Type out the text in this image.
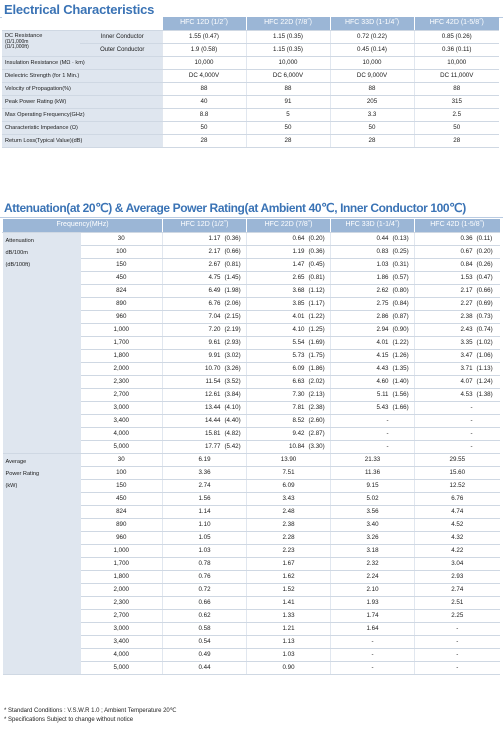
Electrical Characteristics
		HFC 12D (1/2˝)	HFC 22D (7/8˝)	HFC 33D (1-1/4˝)	HFC 42D (1-5/8˝)

DC Resistance
(Ω/1,000m
(Ω/1,000ft)	Inner Conductor	1.55 (0.47)	1.15 (0.35)	0.72 (0.22)	0.85 (0.26)
	Outer Conductor	1.9 (0.58)	1.15 (0.35)	0.45 (0.14)	0.36 (0.11)
Insulation Resistance (MΩ · km)		10,000	10,000	10,000	10,000
Dielectric Strength (for 1 Min.)		DC 4,000V	DC 6,000V	DC 9,000V	DC 11,000V
Velocity of Propagation(%)		88	88	88	88
Peak Power Rating (kW)		40	91	205	315
Max Operating Frequency(GHz)		8.8	5	3.3	2.5
Characteristic Impedance (Ω)		50	50	50	50
Return Loss(Typical Value)(dB)		28	28	28	28
Attenuation(at 20℃) & Average Power Rating(at Ambient 40℃, Inner Conductor 100℃)
Frequency(MHz)		HFC 12D (1/2˝)		HFC 22D (7/8˝)		HFC 33D (1-1/4˝)		HFC 42D (1-5/8˝)	
Attenuation
dB/100m
(dB/100ft)	30	1.17	(0.36)	0.64	(0.20)	0.44	(0.13)	0.36	(0.11)
	100	2.17	(0.66)	1.19	(0.36)	0.83	(0.25)	0.67	(0.20)
	150	2.67	(0.81)	1.47	(0.45)	1.03	(0.31)	0.84	(0.26)
	450	4.75	(1.45)	2.65	(0.81)	1.86	(0.57)	1.53	(0.47)
	824	6.49	(1.98)	3.68	(1.12)	2.62	(0.80)	2.17	(0.66)
	890	6.76	(2.06)	3.85	(1.17)	2.75	(0.84)	2.27	(0.69)
	960	7.04	(2.15)	4.01	(1.22)	2.86	(0.87)	2.38	(0.73)
	1,000	7.20	(2.19)	4.10	(1.25)	2.94	(0.90)	2.43	(0.74)
	1,700	9.61	(2.93)	5.54	(1.69)	4.01	(1.22)	3.35	(1.02)
	1,800	9.91	(3.02)	5.73	(1.75)	4.15	(1.26)	3.47	(1.06)
	2,000	10.70	(3.26)	6.09	(1.86)	4.43	(1.35)	3.71	(1.13)
	2,300	11.54	(3.52)	6.63	(2.02)	4.60	(1.40)	4.07	(1.24)
	2,700	12.61	(3.84)	7.30	(2.13)	5.11	(1.56)	4.53	(1.38)
	3,000	13.44	(4.10)	7.81	(2.38)	5.43	(1.66)	-	
	3,400	14.44	(4.40)	8.52	(2.60)	-		-	
	4,000	15.81	(4.82)	9.42	(2.87)	-		-	
	5,000	17.77	(5.42)	10.84	(3.30)	-		-	
Average
Power Rating
(kW)	30	6.19		13.90		21.33		29.55	
	100	3.36		7.51		11.36		15.60	
	150	2.74		6.09		9.15		12.52	
	450	1.56		3.43		5.02		6.76	
	824	1.14		2.48		3.56		4.74	
	890	1.10		2.38		3.40		4.52	
	960	1.05		2.28		3.26		4.32	
	1,000	1.03		2.23		3.18		4.22	
	1,700	0.78		1.67		2.32		3.04	
	1,800	0.76		1.62		2.24		2.93	
	2,000	0.72		1.52		2.10		2.74	
	2,300	0.66		1.41		1.93		2.51	
	2,700	0.62		1.33		1.74		2.25	
	3,000	0.58		1.21		1.64		-	
	3,400	0.54		1.13		-		-	
	4,000	0.49		1.03		-		-	
	5,000	0.44		0.90		-		-	
* Standard Conditions : V.S.W.R 1.0 ; Ambient Temperature 20℃
* Specifications Subject to change without notice
